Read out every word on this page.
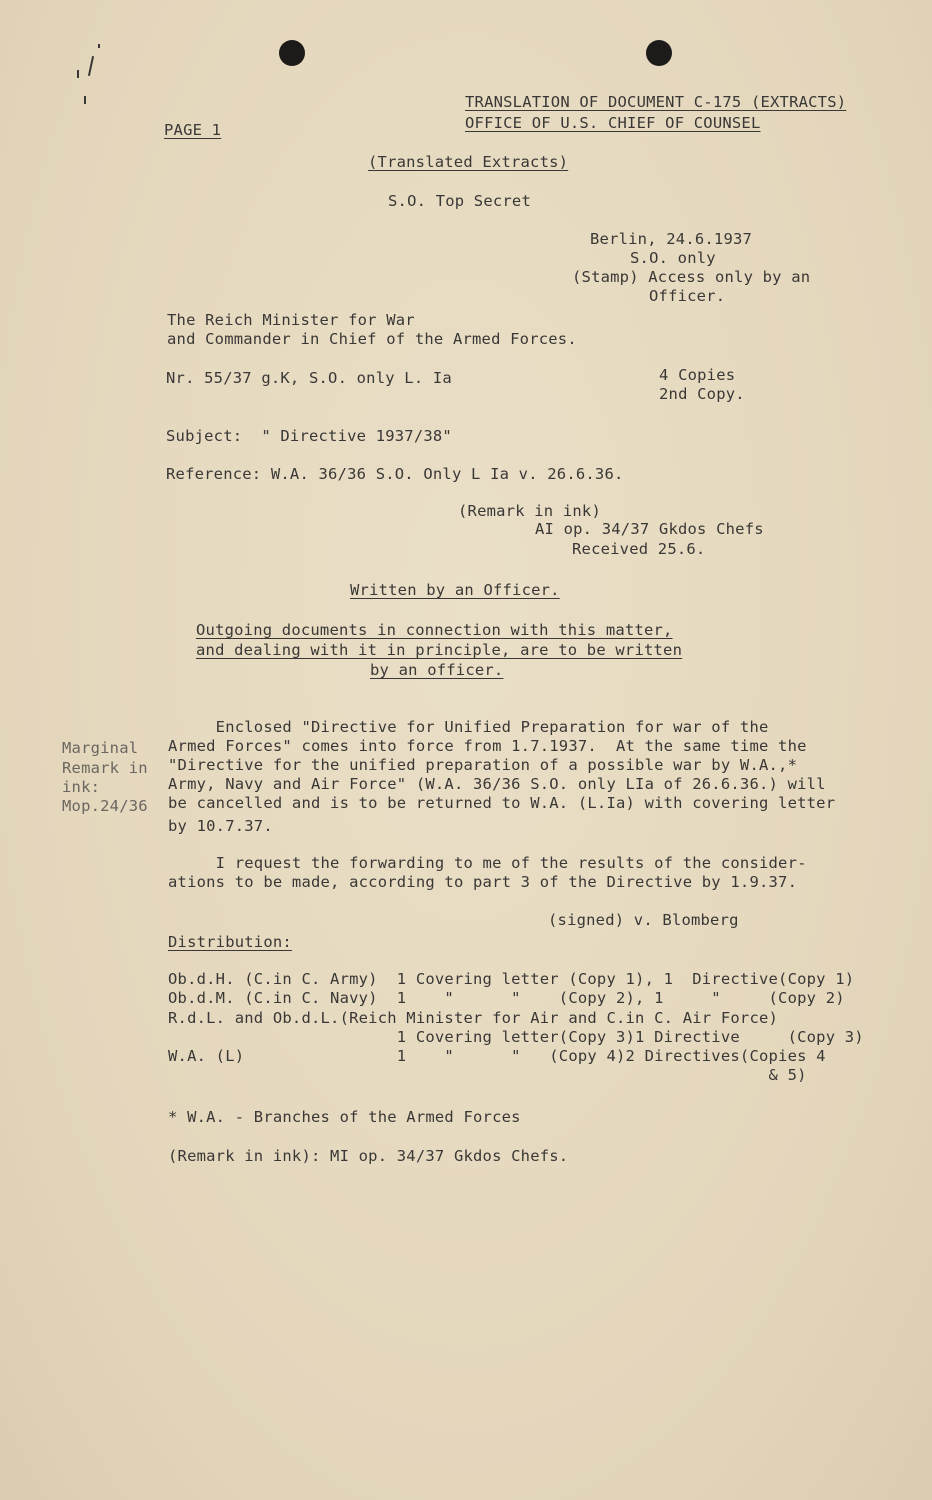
TRANSLATION OF DOCUMENT C-175 (EXTRACTS)
OFFICE OF U.S. CHIEF OF COUNSEL
PAGE 1
(Translated Extracts)
S.O. Top Secret
Berlin, 24.6.1937
S.O. only
(Stamp) Access only by an
Officer.
The Reich Minister for War
and Commander in Chief of the Armed Forces.
Nr. 55/37 g.K, S.O. only L. Ia	4 Copies
2nd Copy.
Subject:  " Directive 1937/38"
Reference: W.A. 36/36 S.O. Only L Ia v. 26.6.36.
(Remark in ink)
AI op. 34/37 Gkdos Chefs
Received 25.6.
Written by an Officer.
Outgoing documents in connection with this matter,
and dealing with it in principle, are to be written
by an officer.
Marginal
Remark in
ink:
Mop.24/36
Enclosed "Directive for Unified Preparation for war of the
Armed Forces" comes into force from 1.7.1937.  At the same time the
"Directive for the unified preparation of a possible war by W.A.,*
Army, Navy and Air Force" (W.A. 36/36 S.O. only LIa of 26.6.36.) will
be cancelled and is to be returned to W.A. (L.Ia) with covering letter
by 10.7.37.
I request the forwarding to me of the results of the consider-
ations to be made, according to part 3 of the Directive by 1.9.37.
(signed) v. Blomberg
Distribution:
Ob.d.H. (C.in C. Army)  1 Covering letter (Copy 1), 1  Directive(Copy 1)
Ob.d.M. (C.in C. Navy)  1    "      "    (Copy 2), 1     "     (Copy 2)
R.d.L. and Ob.d.L.(Reich Minister for Air and C.in C. Air Force)
1 Covering letter(Copy 3)1 Directive     (Copy 3)
W.A. (L)                1    "      "   (Copy 4)2 Directives(Copies 4
& 5)
* W.A. - Branches of the Armed Forces
(Remark in ink): MI op. 34/37 Gkdos Chefs.
